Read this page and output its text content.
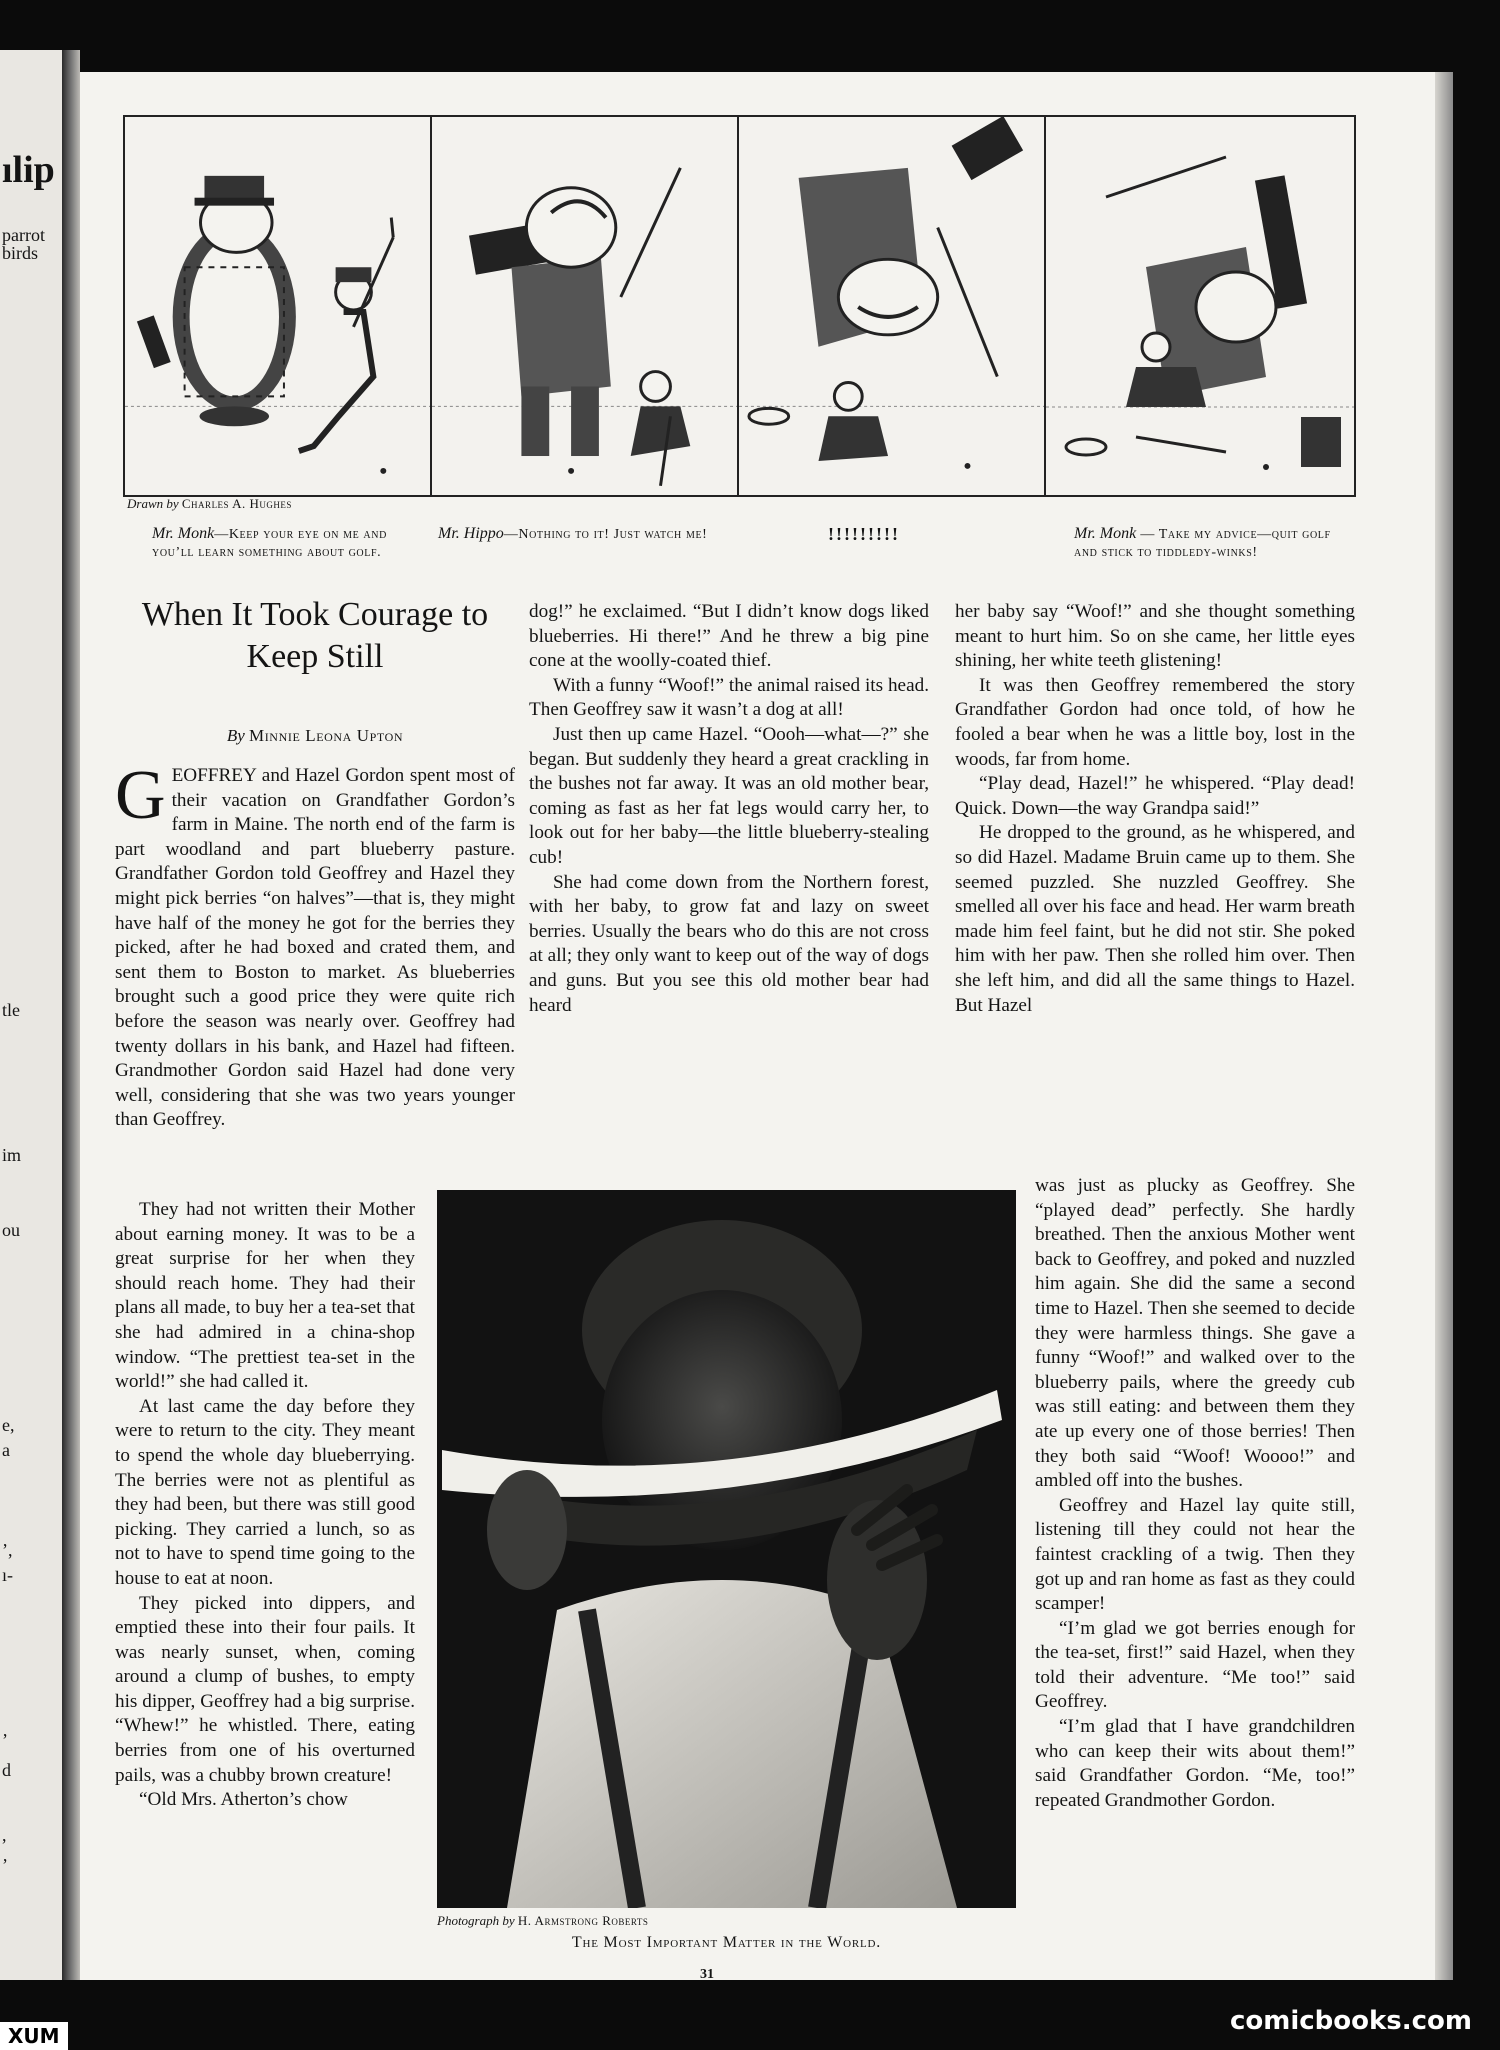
ılip
parrot
birds
tle
im
ou
e,
a
’,
ı-
’
d
,
’
Drawn by Charles A. Hughes
Mr. Monk—Keep your eye on me and you’ll learn something about golf.
Mr. Hippo—Nothing to it! Just watch me!	!!!!!!!!!	Mr. Monk — Take my advice—quit golf and stick to tiddledy-winks!
When It Took Courage to Keep Still
By Minnie Leona Upton

GEOFFREY and Hazel Gordon spent most of their vacation on Grandfather Gordon’s farm in Maine. The north end of the farm is part woodland and part blueberry pasture. Grandfather Gordon told Geoffrey and Hazel they might pick berries “on halves”—that is, they might have half of the money he got for the berries they picked, after he had boxed and crated them, and sent them to Boston to market. As blueberries brought such a good price they were quite rich before the season was nearly over. Geoffrey had twenty dollars in his bank, and Hazel had fifteen. Grandmother Gordon said Hazel had done very well, considering that she was two years younger than Geoffrey.

They had not written their Mother about earning money. It was to be a great surprise for her when they should reach home. They had their plans all made, to buy her a tea-set that she had admired in a china-shop window. “The prettiest tea-set in the world!” she had called it.

At last came the day before they were to return to the city. They meant to spend the whole day blueberrying. The berries were not as plentiful as they had been, but there was still good picking. They carried a lunch, so as not to have to spend time going to the house to eat at noon.

They picked into dippers, and emptied these into their four pails. It was nearly sunset, when, coming around a clump of bushes, to empty his dipper, Geoffrey had a big surprise. “Whew!” he whistled. There, eating berries from one of his overturned pails, was a chubby brown creature!

“Old Mrs. Atherton’s chow

dog!” he exclaimed. “But I didn’t know dogs liked blueberries. Hi there!” And he threw a big pine cone at the woolly-coated thief.

With a funny “Woof!” the animal raised its head. Then Geoffrey saw it wasn’t a dog at all!

Just then up came Hazel. “Oooh—what—?” she began. But suddenly they heard a great crackling in the bushes not far away. It was an old mother bear, coming as fast as her fat legs would carry her, to look out for her baby—the little blueberry-stealing cub!

She had come down from the Northern forest, with her baby, to grow fat and lazy on sweet berries. Usually the bears who do this are not cross at all; they only want to keep out of the way of dogs and guns. But you see this old mother bear had heard

her baby say “Woof!” and she thought something meant to hurt him. So on she came, her little eyes shining, her white teeth glistening!

It was then Geoffrey remembered the story Grandfather Gordon had once told, of how he fooled a bear when he was a little boy, lost in the woods, far from home.

“Play dead, Hazel!” he whispered. “Play dead! Quick. Down—the way Grandpa said!”

He dropped to the ground, as he whispered, and so did Hazel. Madame Bruin came up to them. She seemed puzzled. She nuzzled Geoffrey. She smelled all over his face and head. Her warm breath made him feel faint, but he did not stir. She poked him with her paw. Then she rolled him over. Then she left him, and did all the same things to Hazel. But Hazel

was just as plucky as Geoffrey. She “played dead” perfectly. She hardly breathed. Then the anxious Mother went back to Geoffrey, and poked and nuzzled him again. She did the same a second time to Hazel. Then she seemed to decide they were harmless things. She gave a funny “Woof!” and walked over to the blueberry pails, where the greedy cub was still eating: and between them they ate up every one of those berries! Then they both said “Woof! Woooo!” and ambled off into the bushes.

Geoffrey and Hazel lay quite still, listening till they could not hear the faintest crackling of a twig. Then they got up and ran home as fast as they could scamper!

“I’m glad we got berries enough for the tea-set, first!” said Hazel, when they told their adventure. “Me too!” said Geoffrey.

“I’m glad that I have grandchildren who can keep their wits about them!” said Grandfather Gordon. “Me, too!” repeated Grandmother Gordon.

Photograph by H. Armstrong Roberts
The Most Important Matter in the World.
31
comicbooks.com
XUM
